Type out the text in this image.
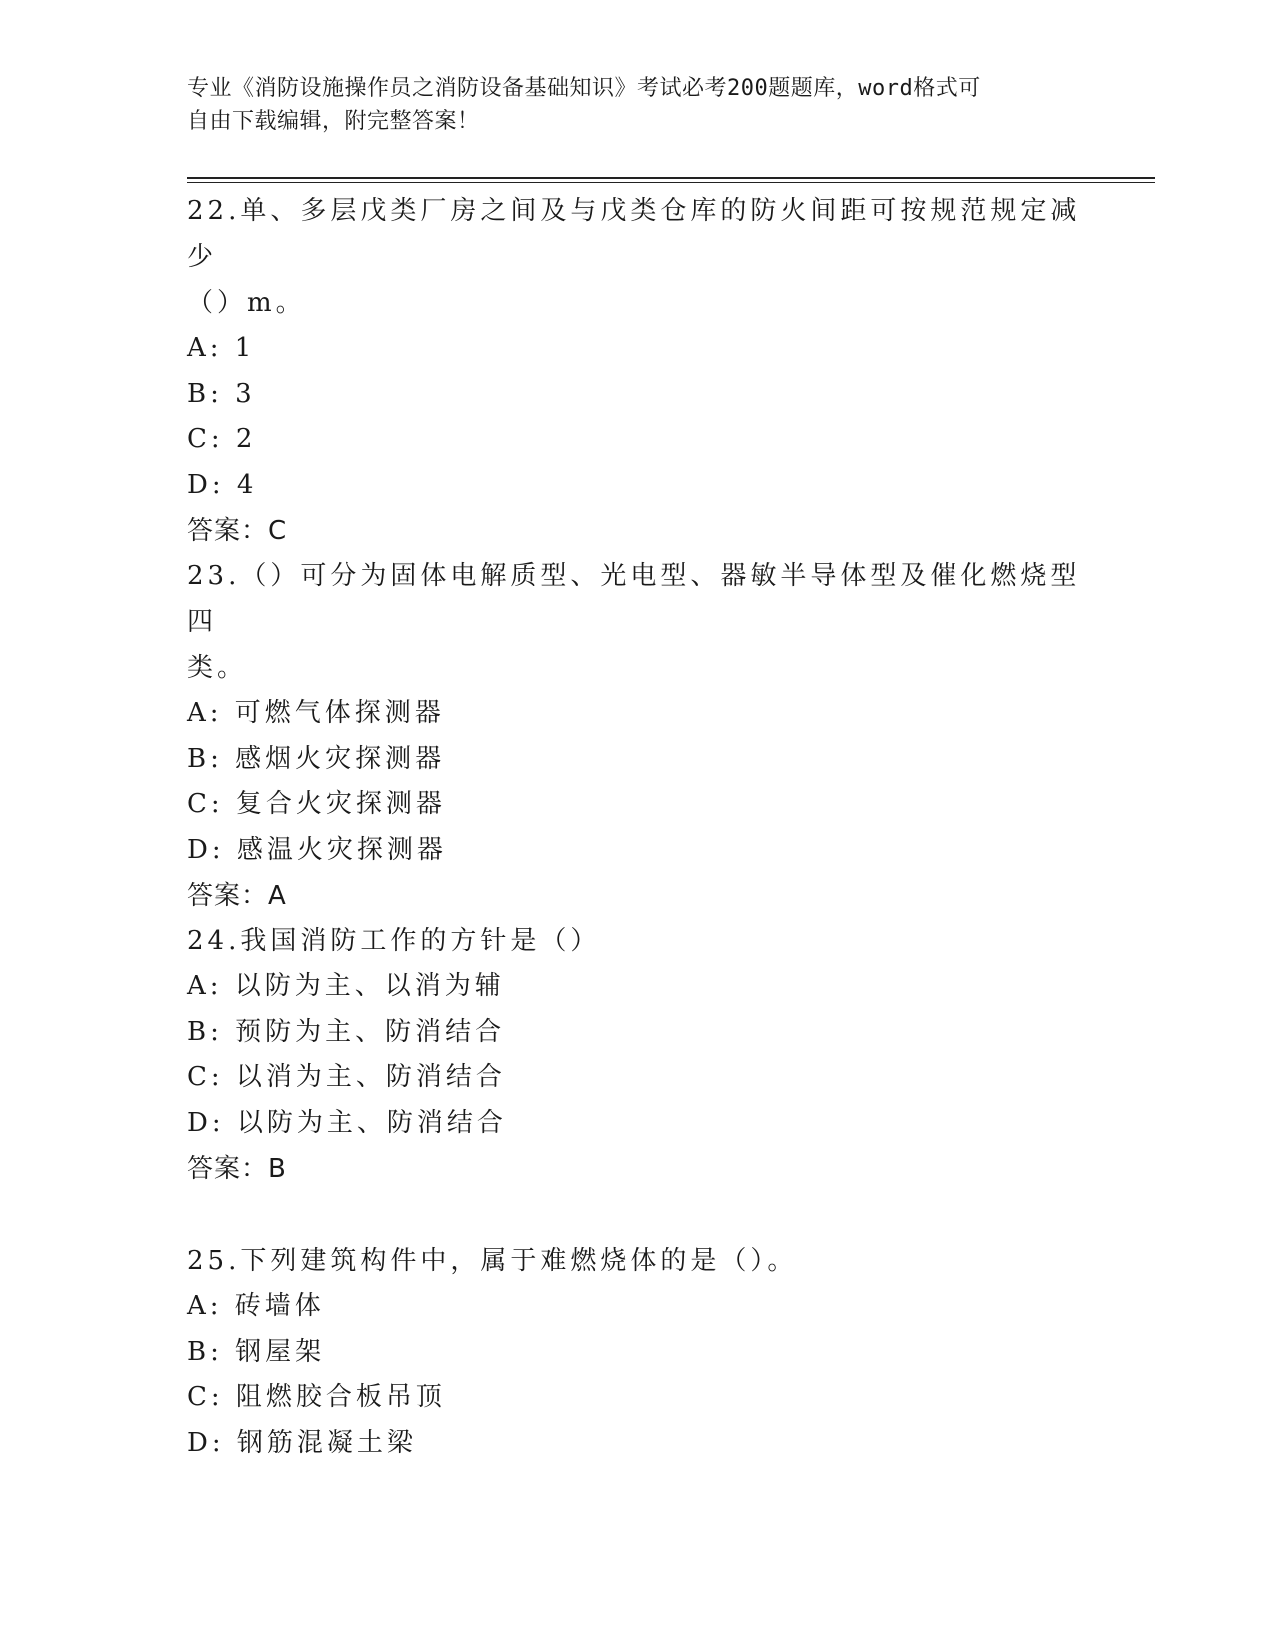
专业《消防设施操作员之消防设备基础知识》考试必考200题题库，word格式可

自由下载编辑，附完整答案！

22.单、多层戊类厂房之间及与戊类仓库的防火间距可按规范规定减少

（）m。

A: 1

B: 3

C: 2

D: 4

答案：C

23.（）可分为固体电解质型、光电型、器敏半导体型及催化燃烧型四

类。

A: 可燃气体探测器

B: 感烟火灾探测器

C: 复合火灾探测器

D: 感温火灾探测器

答案：A

24.我国消防工作的方针是（）

A: 以防为主、以消为辅

B: 预防为主、防消结合

C: 以消为主、防消结合

D: 以防为主、防消结合

答案：B

25.下列建筑构件中，属于难燃烧体的是（）。

A: 砖墙体

B: 钢屋架

C: 阻燃胶合板吊顶

D: 钢筋混凝土梁
